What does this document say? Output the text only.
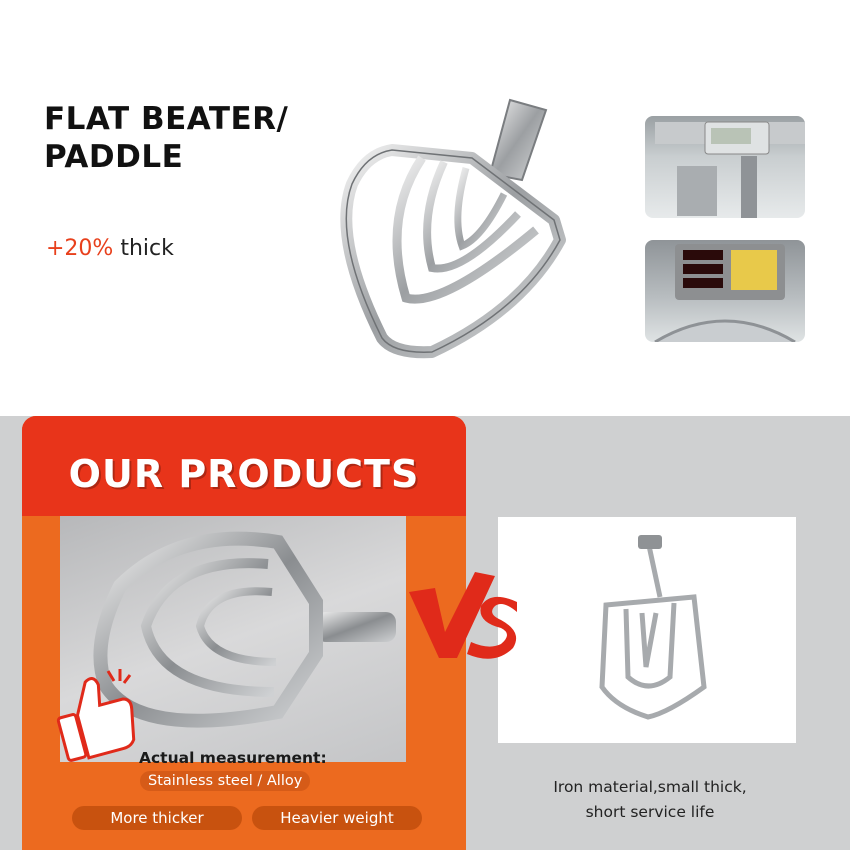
FLAT BEATER/
PADDLE
+20% thick
OUR PRODUCTS
VS
Actual measurement:
Stainless steel / Alloy
More thicker	Heavier weight
Iron material,small thick,
short service life
